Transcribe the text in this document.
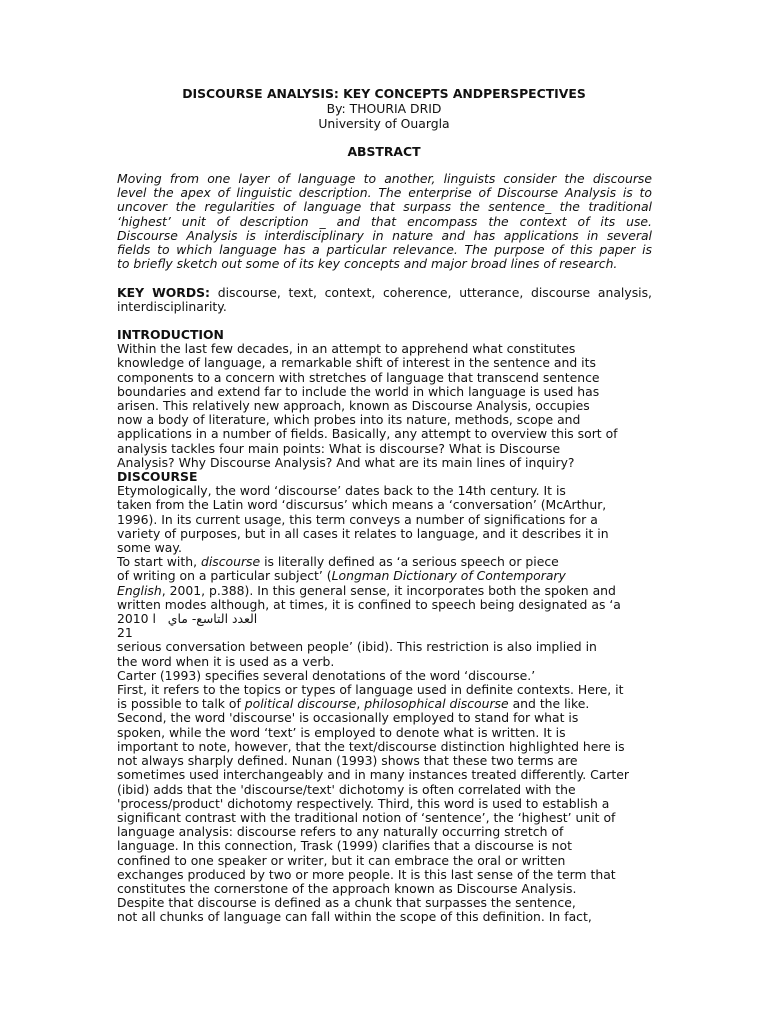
DISCOURSE ANALYSIS: KEY CONCEPTS ANDPERSPECTIVES
By: THOURIA DRID
University of Ouargla
ABSTRACT
Moving from one layer of language to another, linguists consider the discourse
level the apex of linguistic description. The enterprise of Discourse Analysis is to
uncover the regularities of language that surpass the sentence_ the traditional
‘highest’ unit of description _ and that encompass the context of its use.
Discourse Analysis is interdisciplinary in nature and has applications in several
fields to which language has a particular relevance. The purpose of this paper is
to briefly sketch out some of its key concepts and major broad lines of research.
KEY WORDS: discourse, text, context, coherence, utterance, discourse analysis,
interdisciplinarity.
INTRODUCTION
Within the last few decades, in an attempt to apprehend what constitutes
knowledge of language, a remarkable shift of interest in the sentence and its
components to a concern with stretches of language that transcend sentence
boundaries and extend far to include the world in which language is used has
arisen. This relatively new approach, known as Discourse Analysis, occupies
now a body of literature, which probes into its nature, methods, scope and
applications in a number of fields. Basically, any attempt to overview this sort of
analysis tackles four main points: What is discourse? What is Discourse
Analysis? Why Discourse Analysis? And what are its main lines of inquiry?
DISCOURSE
Etymologically, the word ‘discourse’ dates back to the 14th century. It is
taken from the Latin word ‘discursus’ which means a ‘conversation’ (McArthur,
1996). In its current usage, this term conveys a number of significations for a
variety of purposes, but in all cases it relates to language, and it describes it in
some way.
To start with, discourse is literally defined as ‘a serious speech or piece
of writing on a particular subject’ (Longman Dictionary of Contemporary
English, 2001, p.388). In this general sense, it incorporates both the spoken and
written modes although, at times, it is confined to speech being designated as ‘a
2010 العدد التاسع- ماي   ﺍ
21
serious conversation between people’ (ibid). This restriction is also implied in
the word when it is used as a verb.
Carter (1993) specifies several denotations of the word ‘discourse.’
First, it refers to the topics or types of language used in definite contexts. Here, it
is possible to talk of political discourse, philosophical discourse and the like.
Second, the word 'discourse' is occasionally employed to stand for what is
spoken, while the word ‘text’ is employed to denote what is written. It is
important to note, however, that the text/discourse distinction highlighted here is
not always sharply defined. Nunan (1993) shows that these two terms are
sometimes used interchangeably and in many instances treated differently. Carter
(ibid) adds that the 'discourse/text' dichotomy is often correlated with the
'process/product' dichotomy respectively. Third, this word is used to establish a
significant contrast with the traditional notion of ‘sentence’, the ‘highest’ unit of
language analysis: discourse refers to any naturally occurring stretch of
language. In this connection, Trask (1999) clarifies that a discourse is not
confined to one speaker or writer, but it can embrace the oral or written
exchanges produced by two or more people. It is this last sense of the term that
constitutes the cornerstone of the approach known as Discourse Analysis.
Despite that discourse is defined as a chunk that surpasses the sentence,
not all chunks of language can fall within the scope of this definition. In fact,
